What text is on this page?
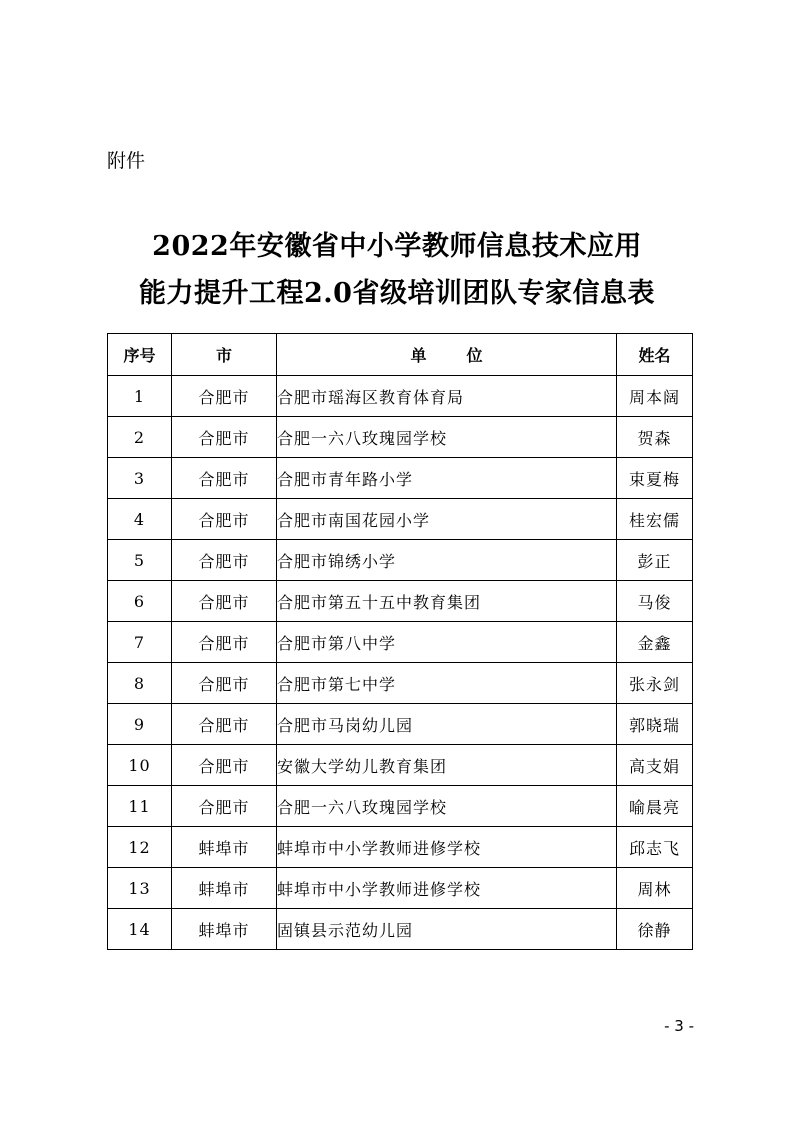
附件
2022年安徽省中小学教师信息技术应用
能力提升工程2.0省级培训团队专家信息表
序号	市	单 位	姓名
1	合肥市	合肥市瑶海区教育体育局	周本阔
2	合肥市	合肥一六八玫瑰园学校	贺森
3	合肥市	合肥市青年路小学	束夏梅
4	合肥市	合肥市南国花园小学	桂宏儒
5	合肥市	合肥市锦绣小学	彭正
6	合肥市	合肥市第五十五中教育集团	马俊
7	合肥市	合肥市第八中学	金鑫
8	合肥市	合肥市第七中学	张永剑
9	合肥市	合肥市马岗幼儿园	郭晓瑞
10	合肥市	安徽大学幼儿教育集团	高支娟
11	合肥市	合肥一六八玫瑰园学校	喻晨亮
12	蚌埠市	蚌埠市中小学教师进修学校	邱志飞
13	蚌埠市	蚌埠市中小学教师进修学校	周林
14	蚌埠市	固镇县示范幼儿园	徐静
- 3 -
